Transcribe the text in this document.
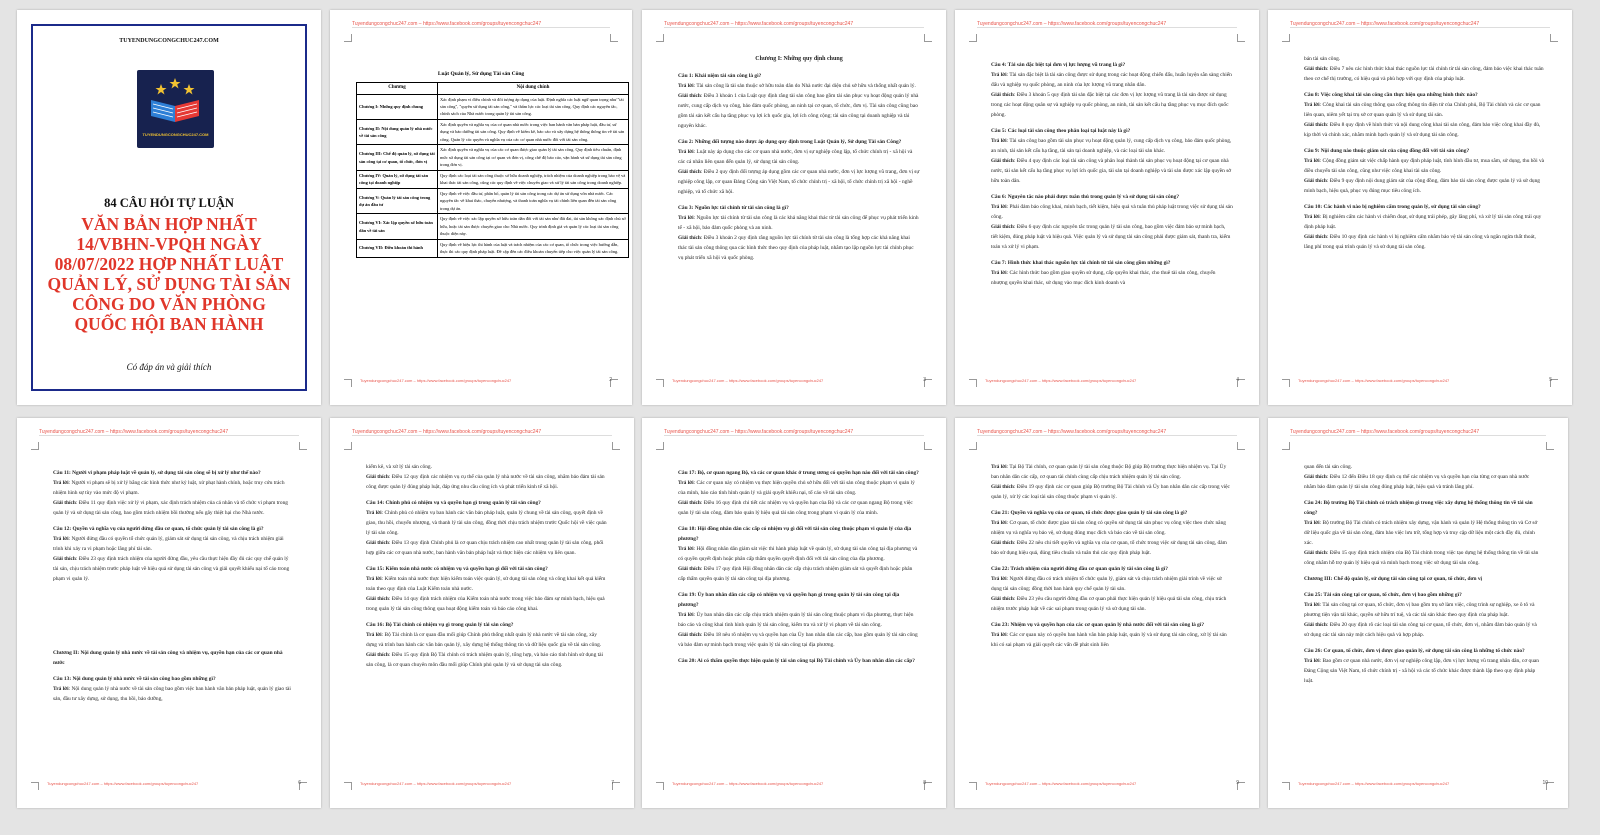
TUYENDUNGCONGCHUC247.COM
TUYENDUNGCONGCHUC247.COM
84 CÂU HỎI TỰ LUẬN
VĂN BẢN HỢP NHẤT 14/VBHN-VPQH NGÀY 08/07/2022 HỢP NHẤT LUẬT QUẢN LÝ, SỬ DỤNG TÀI SẢN CÔNG DO VĂN PHÒNG QUỐC HỘI BAN HÀNH
Có đáp án và giải thích
Tuyendungcongchuc247.com – https://www.facebook.com/groups/tuyencongchuc247
Luật Quản lý, Sử dụng Tài sản Công
Chương	Nội dung chính
Chương I: Những quy định chung	Xác định phạm vi điều chỉnh và đối tượng áp dụng của luật. Định nghĩa các luật ngữ quan trọng như "tài sản công", "quyền sử dụng tài sản công," và thẩm lực các loại tài sản công. Quy định các nguyên tắc, chính sách của Nhà nước trong quản lý tài sản công.
Chương II: Nội dung quản lý nhà nước về tài sản công	Xác định quyền và nghĩa vụ của cơ quan nhà nước trong việc ban hành văn bản pháp luật, đầu tư, sử dụng và bảo dưỡng tài sản công. Quy định về kiểm kê, báo cáo và xây dựng hệ thống thông tin về tài sản công. Quản lý các quyền và nghĩa vụ của các cơ quan nhà nước đối với tài sản công.
Chương III: Chế độ quản lý, sử dụng tài sản công tại cơ quan, tổ chức, đơn vị	Xác định quyền và nghĩa vụ của các cơ quan được giao quản lý tài sản công. Quy định tiêu chuẩn, định mức sử dụng tài sản công tại cơ quan và đơn vị, công chế độ báo cáo, vận hành và sử dụng tài sản công trong đơn vị.
Chương IV: Quản lý, sử dụng tài sản công tại doanh nghiệp	Quy định các loại tài sản công thuộc sở hữu doanh nghiệp, trách nhiệm của doanh nghiệp trong bảo vệ và khai thác tài sản công, cũng các quy định về việc chuyển giao và xử lý tài sản công trong doanh nghiệp.
Chương V: Quản lý tài sản công trong dự án đầu tư	Quy định về việc đầu tư, phân bổ, quản lý tài sản công trong các dự án sử dụng vốn nhà nước. Các nguyên tắc về khai thác, chuyển nhượng, và thanh toán nghĩa vụ tài chính liên quan đến tài sản công trong dự án.
Chương VI: Xác lập quyền sở hữu toàn dân về tài sản	Quy định về việc xác lập quyền sở hữu toàn dân đối với tài sản như đất đai, tài sản không xác định chủ sở hữu, hoặc tài sản được chuyển giao cho Nhà nước. Quy trình định giá và quản lý các loại tài sản công thuộc diện này.
Chương VII: Điều khoản thi hành	Quy định về hiệu lực thi hành của luật và trách nhiệm của các cơ quan, tổ chức trong việc hướng dẫn, thực thi các quy định pháp luật. Đề cập đến các điều khoản chuyển tiếp cho việc quản lý tài sản công.
Tuyendungcongchuc247.com – https://www.facebook.com/groups/tuyencongchuc247	2
Tuyendungcongchuc247.com – https://www.facebook.com/groups/tuyencongchuc247
Chương I: Những quy định chung
Câu 1: Khái niệm tài sản công là gì?
Trả lời: Tài sản công là tài sản thuộc sở hữu toàn dân do Nhà nước đại diện chủ sở hữu và thống nhất quản lý.
Giải thích: Điều 3 khoản 1 của Luật quy định rằng tài sản công bao gồm tài sản phục vụ hoạt động quản lý nhà nước, cung cấp dịch vụ công, bảo đảm quốc phòng, an ninh tại cơ quan, tổ chức, đơn vị. Tài sản công cũng bao gồm tài sản kết cấu hạ tầng phục vụ lợi ích quốc gia, lợi ích công cộng; tài sản công tại doanh nghiệp và tài nguyên khác.
Câu 2: Những đối tượng nào được áp dụng quy định trong Luật Quản lý, Sử dụng Tài sản Công?
Trả lời: Luật này áp dụng cho các cơ quan nhà nước, đơn vị sự nghiệp công lập, tổ chức chính trị - xã hội và các cá nhân liên quan đến quản lý, sử dụng tài sản công.
Giải thích: Điều 2 quy định đối tượng áp dụng gồm các cơ quan nhà nước, đơn vị lực lượng vũ trang, đơn vị sự nghiệp công lập, cơ quan Đảng Cộng sản Việt Nam, tổ chức chính trị - xã hội, tổ chức chính trị xã hội - nghề nghiệp, và tổ chức xã hội.
Câu 3: Nguồn lực tài chính từ tài sản công là gì?
Trả lời: Nguồn lực tài chính từ tài sản công là các khả năng khai thác từ tài sản công để phục vụ phát triển kinh tế - xã hội, bảo đảm quốc phòng và an ninh.
Giải thích: Điều 3 khoản 2 quy định rằng nguồn lực tài chính từ tài sản công là tổng hợp các khả năng khai thác tài sản công thông qua các hình thức theo quy định của pháp luật, nhằm tạo lập nguồn lực tài chính phục vụ phát triển xã hội và quốc phòng.
Tuyendungcongchuc247.com – https://www.facebook.com/groups/tuyencongchuc247	3
Tuyendungcongchuc247.com – https://www.facebook.com/groups/tuyencongchuc247
Câu 4: Tài sản đặc biệt tại đơn vị lực lượng vũ trang là gì?
Trả lời: Tài sản đặc biệt là tài sản công được sử dụng trong các hoạt động chiến đấu, huấn luyện sẵn sàng chiến đấu và nghiệp vụ quốc phòng, an ninh của lực lượng vũ trang nhân dân.
Giải thích: Điều 3 khoản 5 quy định tài sản đặc biệt tại các đơn vị lực lượng vũ trang là tài sản được sử dụng trong các hoạt động quân sự và nghiệp vụ quốc phòng, an ninh, tài sản kết cấu hạ tầng phục vụ mục đích quốc phòng.
Câu 5: Các loại tài sản công theo phân loại tại luật này là gì?
Trả lời: Tài sản công bao gồm tài sản phục vụ hoạt động quản lý, cung cấp dịch vụ công, bảo đảm quốc phòng, an ninh, tài sản kết cấu hạ tầng, tài sản tại doanh nghiệp, và các loại tài sản khác.
Giải thích: Điều 4 quy định các loại tài sản công và phân loại thành tài sản phục vụ hoạt động tại cơ quan nhà nước, tài sản kết cấu hạ tầng phục vụ lợi ích quốc gia, tài sản tại doanh nghiệp và tài sản được xác lập quyền sở hữu toàn dân.
Câu 6: Nguyên tắc nào phải được tuân thủ trong quản lý và sử dụng tài sản công?
Trả lời: Phải đảm bảo công khai, minh bạch, tiết kiệm, hiệu quả và tuân thủ pháp luật trong việc sử dụng tài sản công.
Giải thích: Điều 6 quy định các nguyên tắc trong quản lý tài sản công, bao gồm việc đảm bảo sự minh bạch, tiết kiệm, đúng pháp luật và hiệu quả. Việc quản lý và sử dụng tài sản công phải được giám sát, thanh tra, kiểm toán và xử lý vi phạm.
Câu 7: Hình thức khai thác nguồn lực tài chính từ tài sản công gồm những gì?
Trả lời: Các hình thức bao gồm giao quyền sử dụng, cấp quyền khai thác, cho thuê tài sản công, chuyển nhượng quyền khai thác, sử dụng vào mục đích kinh doanh và
Tuyendungcongchuc247.com – https://www.facebook.com/groups/tuyencongchuc247	4
Tuyendungcongchuc247.com – https://www.facebook.com/groups/tuyencongchuc247
bán tài sản công.
Giải thích: Điều 7 nêu các hình thức khai thác nguồn lực tài chính từ tài sản công, đảm bảo việc khai thác tuân theo cơ chế thị trường, có hiệu quả và phù hợp với quy định của pháp luật.
Câu 8: Việc công khai tài sản công cần thực hiện qua những hình thức nào?
Trả lời: Công khai tài sản công thông qua cổng thông tin điện tử của Chính phủ, Bộ Tài chính và các cơ quan liên quan, niêm yết tại trụ sở cơ quan quản lý và sử dụng tài sản.
Giải thích: Điều 8 quy định về hình thức và nội dung công khai tài sản công, đảm bảo việc công khai đầy đủ, kịp thời và chính xác, nhằm minh bạch quản lý và sử dụng tài sản công.
Câu 9: Nội dung nào thuộc giám sát của cộng đồng đối với tài sản công?
Trả lời: Cộng đồng giám sát việc chấp hành quy định pháp luật, tính hình đầu tư, mua sắm, sử dụng, thu hồi và điều chuyển tài sản công, cũng như việc công khai tài sản công.
Giải thích: Điều 9 quy định nội dung giám sát của cộng đồng, đảm bảo tài sản công được quản lý và sử dụng minh bạch, hiệu quả, phục vụ đúng mục tiêu công ích.
Câu 10: Các hành vi nào bị nghiêm cấm trong quản lý, sử dụng tài sản công?
Trả lời: Bị nghiêm cấm các hành vi chiếm đoạt, sử dụng trái phép, gây lãng phí, và xử lý tài sản công trái quy định pháp luật.
Giải thích: Điều 10 quy định các hành vi bị nghiêm cấm nhằm bảo vệ tài sản công và ngăn ngừa thất thoát, lãng phí trong quá trình quản lý và sử dụng tài sản công.
Tuyendungcongchuc247.com – https://www.facebook.com/groups/tuyencongchuc247	5
Tuyendungcongchuc247.com – https://www.facebook.com/groups/tuyencongchuc247
Câu 11: Người vi phạm pháp luật về quản lý, sử dụng tài sản công sẽ bị xử lý như thế nào?
Trả lời: Người vi phạm sẽ bị xử lý bằng các hình thức như kỷ luật, xử phạt hành chính, hoặc truy cứu trách nhiệm hình sự tùy vào mức độ vi phạm.
Giải thích: Điều 11 quy định việc xử lý vi phạm, xác định trách nhiệm của cá nhân và tổ chức vi phạm trong quản lý và sử dụng tài sản công, bao gồm trách nhiệm bồi thường nếu gây thiệt hại cho Nhà nước.
Câu 12: Quyền và nghĩa vụ của người đứng đầu cơ quan, tổ chức quản lý tài sản công là gì?
Trả lời: Người đứng đầu có quyền tổ chức quản lý, giám sát sử dụng tài sản công, và chịu trách nhiệm giải trình khi xảy ra vi phạm hoặc lãng phí tài sản.
Giải thích: Điều 23 quy định trách nhiệm của người đứng đầu, yêu cầu thực hiện đầy đủ các quy chế quản lý tài sản, chịu trách nhiệm trước pháp luật về hiệu quả sử dụng tài sản công và giải quyết khiếu nại tố cáo trong phạm vi quản lý.
Chương II: Nội dung quản lý nhà nước về tài sản công và nhiệm vụ, quyền hạn của các cơ quan nhà nước
Câu 13: Nội dung quản lý nhà nước về tài sản công bao gồm những gì?
Trả lời: Nội dung quản lý nhà nước về tài sản công bao gồm việc ban hành văn bản pháp luật, quản lý giao tài sản, đầu tư xây dựng, sử dụng, thu hồi, bảo dưỡng,
Tuyendungcongchuc247.com – https://www.facebook.com/groups/tuyencongchuc247	6
Tuyendungcongchuc247.com – https://www.facebook.com/groups/tuyencongchuc247
kiểm kê, và xử lý tài sản công.
Giải thích: Điều 12 quy định các nhiệm vụ cụ thể của quản lý nhà nước về tài sản công, nhằm bảo đảm tài sản công được quản lý đúng pháp luật, đáp ứng nhu cầu công ích và phát triển kinh tế xã hội.
Câu 14: Chính phủ có nhiệm vụ và quyền hạn gì trong quản lý tài sản công?
Trả lời: Chính phủ có nhiệm vụ ban hành các văn bản pháp luật, quản lý chung về tài sản công, quyết định về giao, thu hồi, chuyển nhượng, và thanh lý tài sản công, đồng thời chịu trách nhiệm trước Quốc hội về việc quản lý tài sản công.
Giải thích: Điều 13 quy định Chính phủ là cơ quan chịu trách nhiệm cao nhất trong quản lý tài sản công, phối hợp giữa các cơ quan nhà nước, ban hành văn bản pháp luật và thực hiện các nhiệm vụ liên quan.
Câu 15: Kiểm toán nhà nước có nhiệm vụ và quyền hạn gì đối với tài sản công?
Trả lời: Kiểm toán nhà nước thực hiện kiểm toán việc quản lý, sử dụng tài sản công và công khai kết quả kiểm toán theo quy định của Luật Kiểm toán nhà nước.
Giải thích: Điều 14 quy định trách nhiệm của Kiểm toán nhà nước trong việc bảo đảm sự minh bạch, hiệu quả trong quản lý tài sản công thông qua hoạt động kiểm toán và báo cáo công khai.
Câu 16: Bộ Tài chính có nhiệm vụ gì trong quản lý tài sản công?
Trả lời: Bộ Tài chính là cơ quan đầu mối giúp Chính phủ thống nhất quản lý nhà nước về tài sản công, xây dựng và trình ban hành các văn bản quản lý, xây dựng hệ thống thông tin và dữ liệu quốc gia về tài sản công.
Giải thích: Điều 15 quy định Bộ Tài chính có trách nhiệm quản lý, tổng hợp, và báo cáo tình hình sử dụng tài sản công, là cơ quan chuyên môn đầu mối giúp Chính phủ quản lý và sử dụng tài sản công.
Tuyendungcongchuc247.com – https://www.facebook.com/groups/tuyencongchuc247	7
Tuyendungcongchuc247.com – https://www.facebook.com/groups/tuyencongchuc247
Câu 17: Bộ, cơ quan ngang Bộ, và các cơ quan khác ở trung ương có quyền hạn nào đối với tài sản công?
Trả lời: Các cơ quan này có nhiệm vụ thực hiện quyền chủ sở hữu đối với tài sản công thuộc phạm vi quản lý của mình, báo cáo tình hình quản lý và giải quyết khiếu nại, tố cáo về tài sản công.
Giải thích: Điều 16 quy định chi tiết các nhiệm vụ và quyền hạn của Bộ và các cơ quan ngang Bộ trong việc quản lý tài sản công, đảm bảo quản lý hiệu quả tài sản công trong phạm vi quản lý của mình.
Câu 18: Hội đồng nhân dân các cấp có nhiệm vụ gì đối với tài sản công thuộc phạm vi quản lý của địa phương?
Trả lời: Hội đồng nhân dân giám sát việc thi hành pháp luật về quản lý, sử dụng tài sản công tại địa phương và có quyền quyết định hoặc phân cấp thẩm quyền quyết định đối với tài sản công của địa phương.
Giải thích: Điều 17 quy định Hội đồng nhân dân các cấp chịu trách nhiệm giám sát và quyết định hoặc phân cấp thẩm quyền quản lý tài sản công tại địa phương.
Câu 19: Ủy ban nhân dân các cấp có nhiệm vụ và quyền hạn gì trong quản lý tài sản công tại địa phương?
Trả lời: Ủy ban nhân dân các cấp chịu trách nhiệm quản lý tài sản công thuộc phạm vi địa phương, thực hiện báo cáo và công khai tình hình quản lý tài sản công, kiểm tra và xử lý vi phạm về tài sản công.
Giải thích: Điều 18 nêu rõ nhiệm vụ và quyền hạn của Ủy ban nhân dân các cấp, bao gồm quản lý tài sản công và bảo đảm sự minh bạch trong việc quản lý tài sản công tại địa phương.
Câu 20: Ai có thẩm quyền thực hiện quản lý tài sản công tại Bộ Tài chính và Ủy ban nhân dân các cấp?
Tuyendungcongchuc247.com – https://www.facebook.com/groups/tuyencongchuc247	8
Tuyendungcongchuc247.com – https://www.facebook.com/groups/tuyencongchuc247
Trả lời: Tại Bộ Tài chính, cơ quan quản lý tài sản công thuộc Bộ giúp Bộ trưởng thực hiện nhiệm vụ. Tại Ủy ban nhân dân các cấp, cơ quan tài chính cùng cấp chịu trách nhiệm quản lý tài sản công.
Giải thích: Điều 19 quy định các cơ quan giúp Bộ trưởng Bộ Tài chính và Ủy ban nhân dân các cấp trong việc quản lý, xử lý các loại tài sản công thuộc phạm vi quản lý.
Câu 21: Quyền và nghĩa vụ của cơ quan, tổ chức được giao quản lý tài sản công là gì?
Trả lời: Cơ quan, tổ chức được giao tài sản công có quyền sử dụng tài sản phục vụ công việc theo chức năng nhiệm vụ và nghĩa vụ bảo vệ, sử dụng đúng mục đích và báo cáo về tài sản công.
Giải thích: Điều 22 nêu chi tiết quyền và nghĩa vụ của cơ quan, tổ chức trong việc sử dụng tài sản công, đảm bảo sử dụng hiệu quả, đúng tiêu chuẩn và tuân thủ các quy định pháp luật.
Câu 22: Trách nhiệm của người đứng đầu cơ quan quản lý tài sản công là gì?
Trả lời: Người đứng đầu có trách nhiệm tổ chức quản lý, giám sát và chịu trách nhiệm giải trình về việc sử dụng tài sản công; đồng thời ban hành quy chế quản lý tài sản.
Giải thích: Điều 23 yêu cầu người đứng đầu cơ quan phải thực hiện quản lý hiệu quả tài sản công, chịu trách nhiệm trước pháp luật về các sai phạm trong quản lý và sử dụng tài sản.
Câu 23: Nhiệm vụ và quyền hạn của các cơ quan quản lý nhà nước đối với tài sản công là gì?
Trả lời: Các cơ quan này có quyền ban hành văn bản pháp luật, quản lý và sử dụng tài sản công, xử lý tài sản khi có sai phạm và giải quyết các vấn đề phát sinh liên
Tuyendungcongchuc247.com – https://www.facebook.com/groups/tuyencongchuc247	9
Tuyendungcongchuc247.com – https://www.facebook.com/groups/tuyencongchuc247
quan đến tài sản công.
Giải thích: Điều 12 đến Điều 18 quy định cụ thể các nhiệm vụ và quyền hạn của từng cơ quan nhà nước nhằm bảo đảm quản lý tài sản công đúng pháp luật, hiệu quả và tránh lãng phí.
Câu 24: Bộ trưởng Bộ Tài chính có trách nhiệm gì trong việc xây dựng hệ thống thông tin về tài sản công?
Trả lời: Bộ trưởng Bộ Tài chính có trách nhiệm xây dựng, vận hành và quản lý Hệ thống thông tin và Cơ sở dữ liệu quốc gia về tài sản công, đảm bảo việc lưu trữ, tổng hợp và truy cập dữ liệu một cách đầy đủ, chính xác.
Giải thích: Điều 15 quy định trách nhiệm của Bộ Tài chính trong việc tạo dựng hệ thống thông tin về tài sản công nhằm hỗ trợ quản lý hiệu quả và minh bạch trong việc sử dụng tài sản công.
Chương III: Chế độ quản lý, sử dụng tài sản công tại cơ quan, tổ chức, đơn vị
Câu 25: Tài sản công tại cơ quan, tổ chức, đơn vị bao gồm những gì?
Trả lời: Tài sản công tại cơ quan, tổ chức, đơn vị bao gồm trụ sở làm việc, công trình sự nghiệp, xe ô tô và phương tiện vận tải khác, quyền sở hữu trí tuệ, và các tài sản khác theo quy định của pháp luật.
Giải thích: Điều 20 quy định rõ các loại tài sản công tại cơ quan, tổ chức, đơn vị, nhằm đảm bảo quản lý và sử dụng các tài sản này một cách hiệu quả và hợp pháp.
Câu 26: Cơ quan, tổ chức, đơn vị được giao quản lý, sử dụng tài sản công là những tổ chức nào?
Trả lời: Bao gồm cơ quan nhà nước, đơn vị sự nghiệp công lập, đơn vị lực lượng vũ trang nhân dân, cơ quan Đảng Cộng sản Việt Nam, tổ chức chính trị - xã hội và các tổ chức khác được thành lập theo quy định pháp luật.
Tuyendungcongchuc247.com – https://www.facebook.com/groups/tuyencongchuc247	10
